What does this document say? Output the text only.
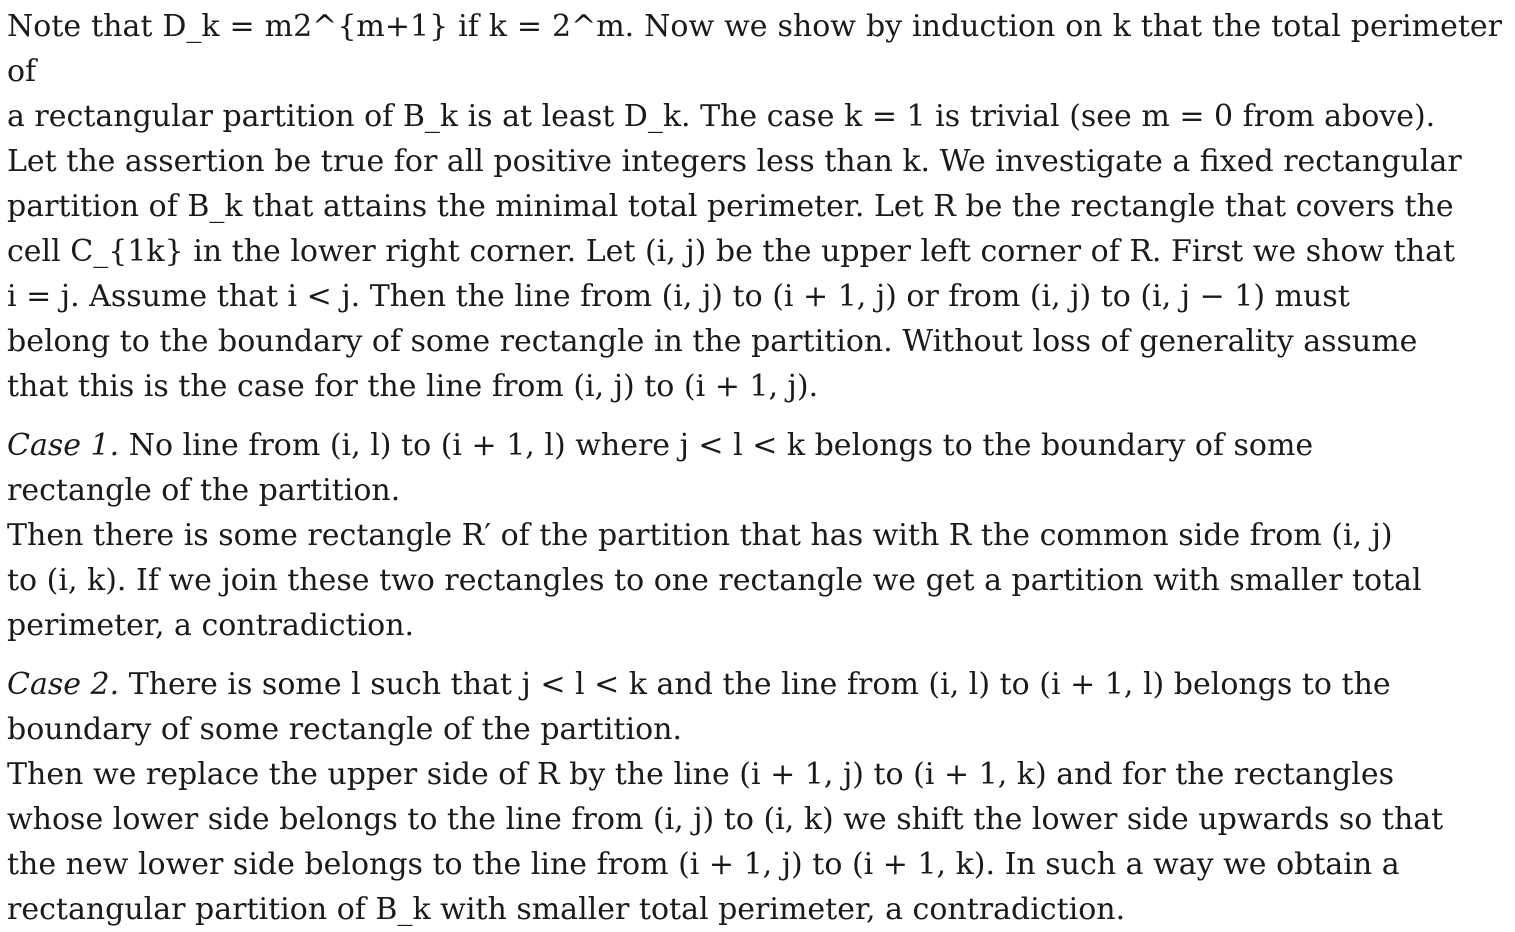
Note that D_k = m2^{m+1} if k = 2^m. Now we show by induction on k that the total perimeter of
a rectangular partition of B_k is at least D_k. The case k = 1 is trivial (see m = 0 from above).
Let the assertion be true for all positive integers less than k. We investigate a fixed rectangular
partition of B_k that attains the minimal total perimeter. Let R be the rectangle that covers the
cell C_{1k} in the lower right corner. Let (i, j) be the upper left corner of R. First we show that
i = j. Assume that i < j. Then the line from (i, j) to (i + 1, j) or from (i, j) to (i, j − 1) must
belong to the boundary of some rectangle in the partition. Without loss of generality assume
that this is the case for the line from (i, j) to (i + 1, j).

Case 1. No line from (i, l) to (i + 1, l) where j < l < k belongs to the boundary of some
rectangle of the partition.
Then there is some rectangle R′ of the partition that has with R the common side from (i, j)
to (i, k). If we join these two rectangles to one rectangle we get a partition with smaller total
perimeter, a contradiction.

Case 2. There is some l such that j < l < k and the line from (i, l) to (i + 1, l) belongs to the
boundary of some rectangle of the partition.
Then we replace the upper side of R by the line (i + 1, j) to (i + 1, k) and for the rectangles
whose lower side belongs to the line from (i, j) to (i, k) we shift the lower side upwards so that
the new lower side belongs to the line from (i + 1, j) to (i + 1, k). In such a way we obtain a
rectangular partition of B_k with smaller total perimeter, a contradiction.
